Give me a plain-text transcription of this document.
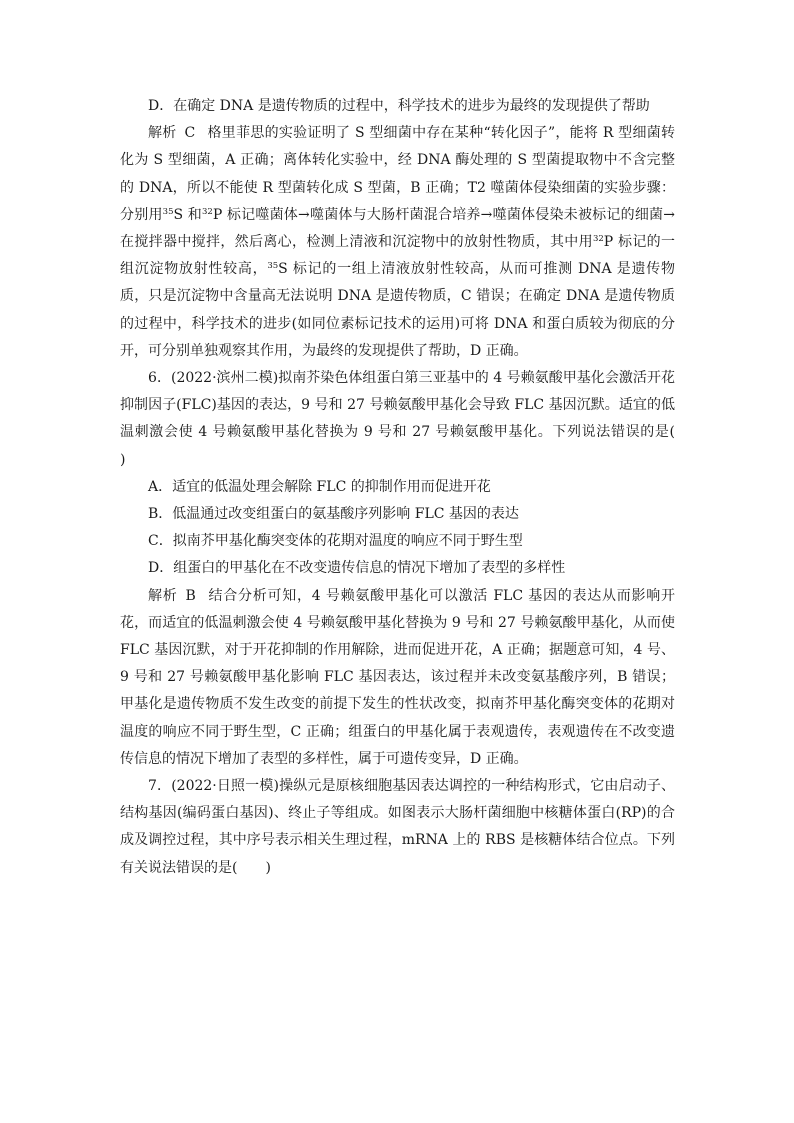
D．在确定 DNA 是遗传物质的过程中，科学技术的进步为最终的发现提供了帮助

解析 C 格里菲思的实验证明了 S 型细菌中存在某种“转化因子”，能将 R 型细菌转化为 S 型细菌，A 正确；离体转化实验中，经 DNA 酶处理的 S 型菌提取物中不含完整的 DNA，所以不能使 R 型菌转化成 S 型菌，B 正确；T2 噬菌体侵染细菌的实验步骤：分别用$^{35}$S 和$^{32}$P 标记噬菌体→噬菌体与大肠杆菌混合培养→噬菌体侵染未被标记的细菌→在搅拌器中搅拌，然后离心，检测上清液和沉淀物中的放射性物质，其中用$^{32}$P 标记的一组沉淀物放射性较高，$^{35}$S 标记的一组上清液放射性较高，从而可推测 DNA 是遗传物质，只是沉淀物中含量高无法说明 DNA 是遗传物质，C 错误；在确定 DNA 是遗传物质的过程中，科学技术的进步(如同位素标记技术的运用)可将 DNA 和蛋白质较为彻底的分开，可分别单独观察其作用，为最终的发现提供了帮助，D 正确。

6．(2022·滨州二模)拟南芥染色体组蛋白第三亚基中的 4 号赖氨酸甲基化会激活开花抑制因子(FLC)基因的表达，9 号和 27 号赖氨酸甲基化会导致 FLC 基因沉默。适宜的低温刺激会使 4 号赖氨酸甲基化替换为 9 号和 27 号赖氨酸甲基化。下列说法错误的是(　　)

A．适宜的低温处理会解除 FLC 的抑制作用而促进开花

B．低温通过改变组蛋白的氨基酸序列影响 FLC 基因的表达

C．拟南芥甲基化酶突变体的花期对温度的响应不同于野生型

D．组蛋白的甲基化在不改变遗传信息的情况下增加了表型的多样性

解析 B 结合分析可知，4 号赖氨酸甲基化可以激活 FLC 基因的表达从而影响开花，而适宜的低温刺激会使 4 号赖氨酸甲基化替换为 9 号和 27 号赖氨酸甲基化，从而使 FLC 基因沉默，对于开花抑制的作用解除，进而促进开花，A 正确；据题意可知，4 号、9 号和 27 号赖氨酸甲基化影响 FLC 基因表达，该过程并未改变氨基酸序列，B 错误；甲基化是遗传物质不发生改变的前提下发生的性状改变，拟南芥甲基化酶突变体的花期对温度的响应不同于野生型，C 正确；组蛋白的甲基化属于表观遗传，表观遗传在不改变遗传信息的情况下增加了表型的多样性，属于可遗传变异，D 正确。

7．(2022·日照一模)操纵元是原核细胞基因表达调控的一种结构形式，它由启动子、结构基因(编码蛋白基因)、终止子等组成。如图表示大肠杆菌细胞中核糖体蛋白(RP)的合成及调控过程，其中序号表示相关生理过程，mRNA 上的 RBS 是核糖体结合位点。下列有关说法错误的是(　　)
